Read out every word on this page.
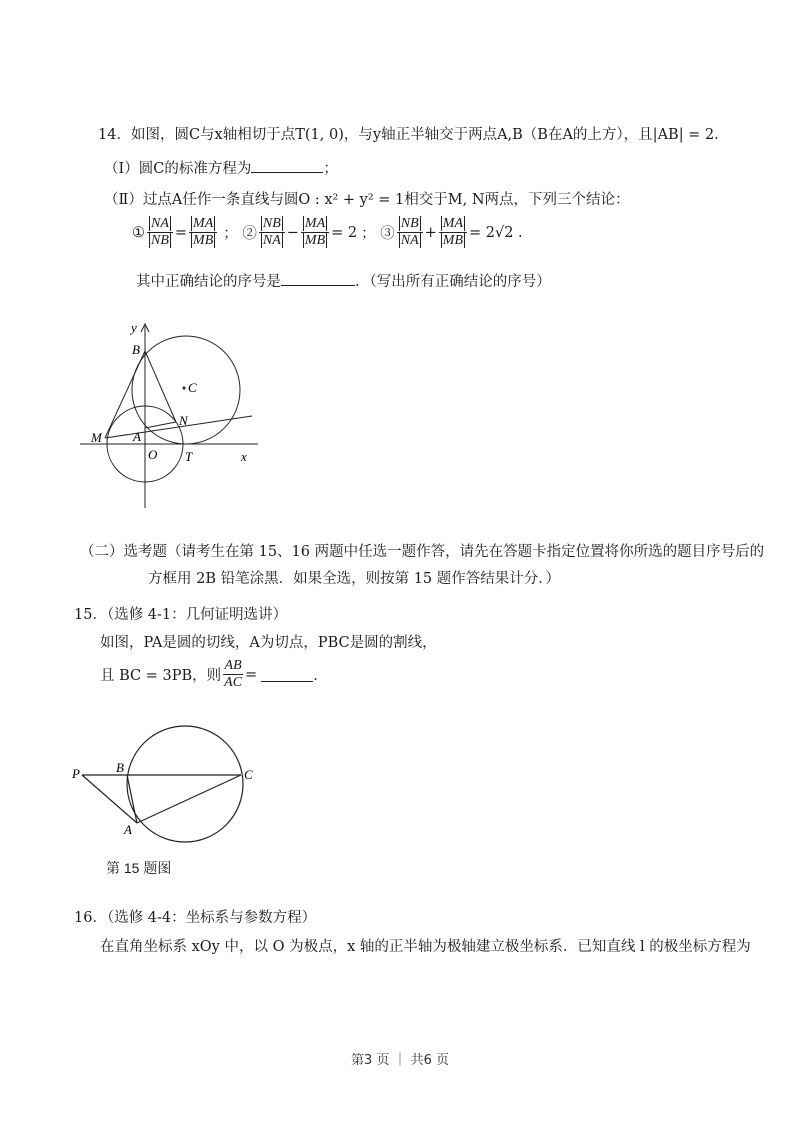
14．如图，圆C与x轴相切于点T(1, 0)，与y轴正半轴交于两点A,B（B在A的上方），且|AB| = 2．
（Ⅰ）圆C的标准方程为	；
（Ⅱ）过点A任作一条直线与圆O : x² + y² = 1相交于M, N两点，下列三个结论：
① $\frac{NA}{NB} = \frac{MA}{MB}$ ； ② $\frac{NB}{NA} - \frac{MA}{MB} = 2$ ； ③ $\frac{NB}{NA} + \frac{MA}{MB} = 2√2$ .
其中正确结论的序号是	．（写出所有正确结论的序号）
y
B
C
N
M A
O T	x
（二）选考题（请考生在第 15、16 两题中任选一题作答，请先在答题卡指定位置将你所选的题目序号后的
方框用 2B 铅笔涂黑．如果全选，则按第 15 题作答结果计分．）
15．（选修 4-1：几何证明选讲）
如图，PA是圆的切线，A为切点，PBC是圆的割线，
且 BC = 3PB，则 $\frac{AB}{AC}$ =	．
P	B	C
A
第 15 题图
16．（选修 4-4：坐标系与参数方程）
在直角坐标系 xOy 中，以 O 为极点，x 轴的正半轴为极轴建立极坐标系．已知直线 l 的极坐标方程为
第3 页 ｜ 共6 页
